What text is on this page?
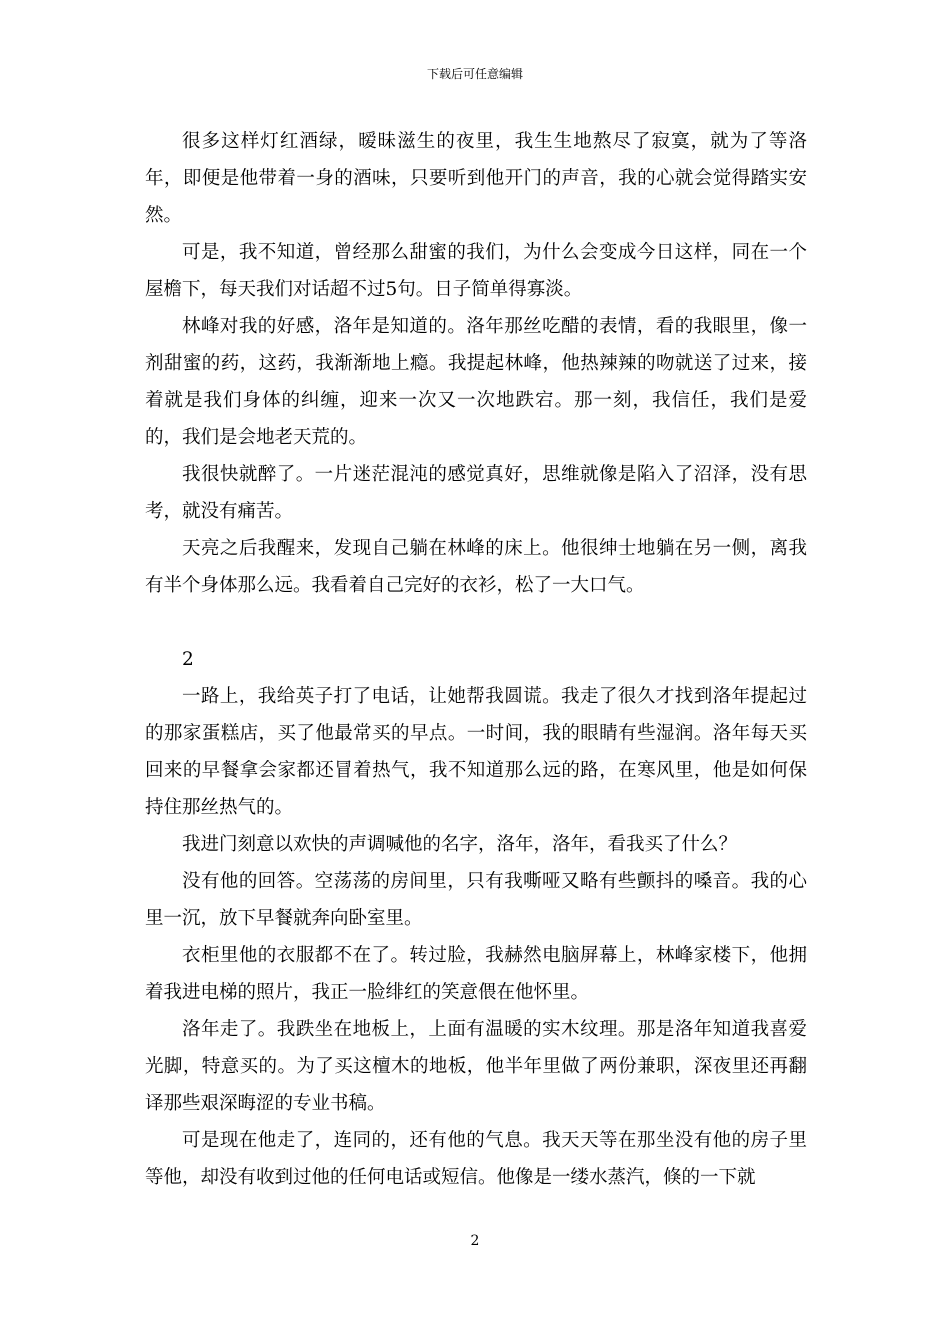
下载后可任意编辑

很多这样灯红酒绿，暧昧滋生的夜里，我生生地熬尽了寂寞，就为了等洛年，即便是他带着一身的酒味，只要听到他开门的声音，我的心就会觉得踏实安然。

可是，我不知道，曾经那么甜蜜的我们，为什么会变成今日这样，同在一个屋檐下，每天我们对话超不过5句。日子简单得寡淡。

林峰对我的好感，洛年是知道的。洛年那丝吃醋的表情，看的我眼里，像一剂甜蜜的药，这药，我渐渐地上瘾。我提起林峰，他热辣辣的吻就送了过来，接着就是我们身体的纠缠，迎来一次又一次地跌宕。那一刻，我信任，我们是爱的，我们是会地老天荒的。

我很快就醉了。一片迷茫混沌的感觉真好，思维就像是陷入了沼泽，没有思考，就没有痛苦。

天亮之后我醒来，发现自己躺在林峰的床上。他很绅士地躺在另一侧，离我有半个身体那么远。我看着自己完好的衣衫，松了一大口气。

2

一路上，我给英子打了电话，让她帮我圆谎。我走了很久才找到洛年提起过的那家蛋糕店，买了他最常买的早点。一时间，我的眼睛有些湿润。洛年每天买回来的早餐拿会家都还冒着热气，我不知道那么远的路，在寒风里，他是如何保持住那丝热气的。

我进门刻意以欢快的声调喊他的名字，洛年，洛年，看我买了什么？

没有他的回答。空荡荡的房间里，只有我嘶哑又略有些颤抖的嗓音。我的心里一沉，放下早餐就奔向卧室里。

衣柜里他的衣服都不在了。转过脸，我赫然电脑屏幕上，林峰家楼下，他拥着我进电梯的照片，我正一脸绯红的笑意偎在他怀里。

洛年走了。我跌坐在地板上，上面有温暖的实木纹理。那是洛年知道我喜爱光脚，特意买的。为了买这檀木的地板，他半年里做了两份兼职，深夜里还再翻译那些艰深晦涩的专业书稿。

可是现在他走了，连同的，还有他的气息。我天天等在那坐没有他的房子里等他，却没有收到过他的任何电话或短信。他像是一缕水蒸汽，倏的一下就

2
